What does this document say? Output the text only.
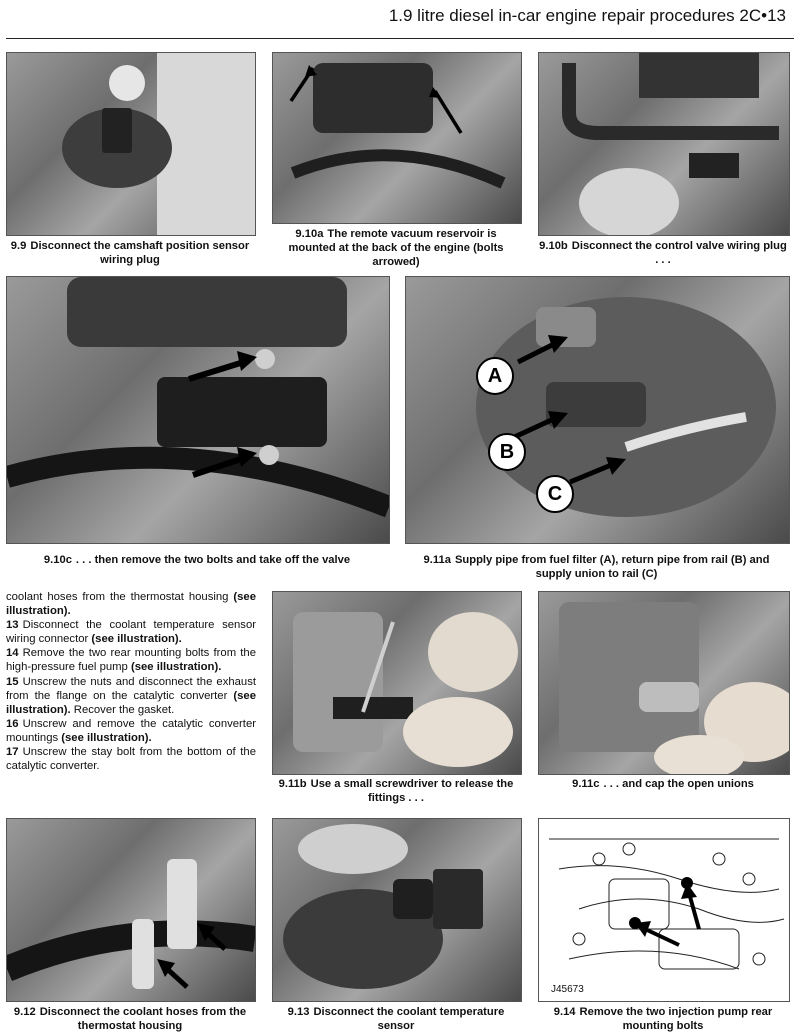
1.9 litre diesel in-car engine repair procedures 2C•13
9.9 Disconnect the camshaft position sensor wiring plug
9.10a The remote vacuum reservoir is mounted at the back of the engine (bolts arrowed)
9.10b Disconnect the control valve wiring plug . . .
9.10c . . . then remove the two bolts and take off the valve
A
B
C
9.11a Supply pipe from fuel filter (A), return pipe from rail (B) and supply union to rail (C)

coolant hoses from the thermostat housing (see illustration).

13 Disconnect the coolant temperature sensor wiring connector (see illustration).

14 Remove the two rear mounting bolts from the high-pressure fuel pump (see illustration).

15 Unscrew the nuts and disconnect the exhaust from the flange on the catalytic converter (see illustration). Recover the gasket.

16 Unscrew and remove the catalytic converter mountings (see illustration).

17 Unscrew the stay bolt from the bottom of the catalytic converter.

9.11b Use a small screwdriver to release the fittings . . .
9.11c . . . and cap the open unions
9.12 Disconnect the coolant hoses from the thermostat housing
9.13 Disconnect the coolant temperature sensor
J45673
9.14 Remove the two injection pump rear mounting bolts
